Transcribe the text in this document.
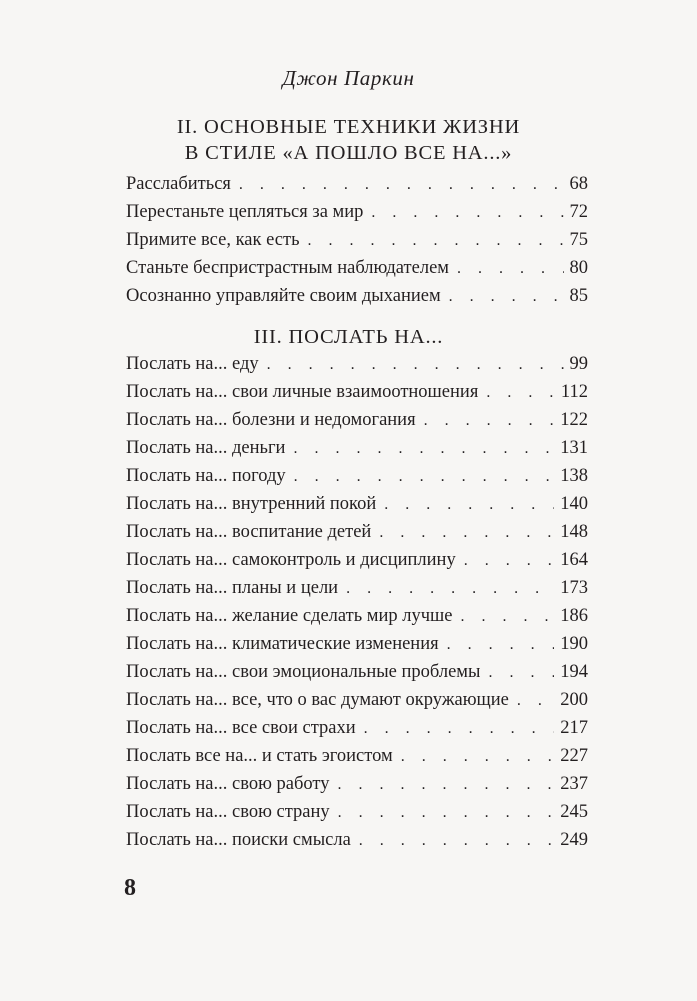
Джон Паркин
II. ОСНОВНЫЕ ТЕХНИКИ ЖИЗНИ
В СТИЛЕ «А ПОШЛО ВСЕ НА...»
Расслабиться . . .	68
Перестаньте цепляться за мир . . .	72
Примите все, как есть . . .	75
Станьте беспристрастным наблюдателем . . .	80
Осознанно управляйте своим дыханием . . .	85
III. ПОСЛАТЬ НА...
Послать на... еду . . .	99
Послать на... свои личные взаимоотношения . . .	112
Послать на... болезни и недомогания . . .	122
Послать на... деньги . . .	131
Послать на... погоду . . .	138
Послать на... внутренний покой . . .	140
Послать на... воспитание детей . . .	148
Послать на... самоконтроль и дисциплину . . .	164
Послать на... планы и цели . . .	173
Послать на... желание сделать мир лучше . . .	186
Послать на... климатические изменения . . .	190
Послать на... свои эмоциональные проблемы . . .	194
Послать на... все, что о вас думают окружающие . . .	200
Послать на... все свои страхи . . .	217
Послать все на... и стать эгоистом . . .	227
Послать на... свою работу . . .	237
Послать на... свою страну . . .	245
Послать на... поиски смысла . . .	249
8
